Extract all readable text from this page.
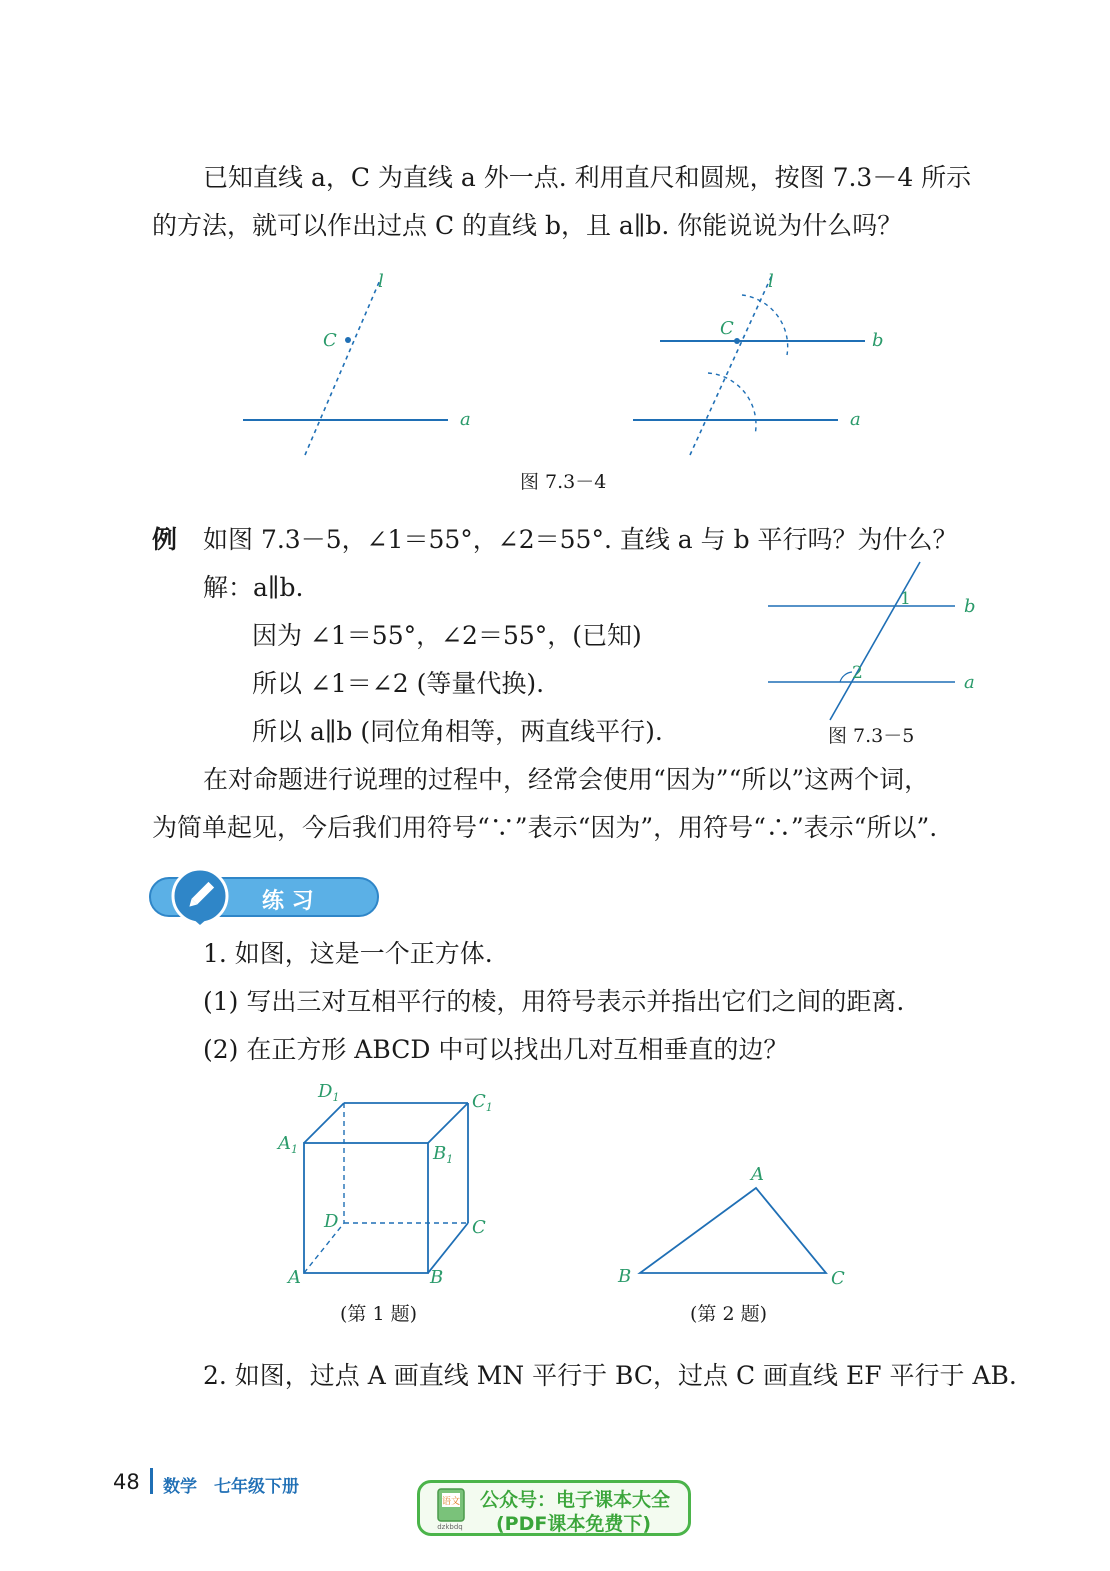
已知直线 a，C 为直线 a 外一点. 利用直尺和圆规，按图 7.3－4 所示
的方法，就可以作出过点 C 的直线 b，且 a∥b. 你能说说为什么吗？
l
C
a
l
C
b
a
图 7.3－4
例 如图 7.3－5，∠1＝55°，∠2＝55°. 直线 a 与 b 平行吗？为什么？
解：a∥b.
因为 ∠1＝55°，∠2＝55°，(已知)
所以 ∠1＝∠2 (等量代换).
所以 a∥b (同位角相等，两直线平行).
1
2
b
a
图 7.3－5
在对命题进行说理的过程中，经常会使用“因为”“所以”这两个词，
为简单起见，今后我们用符号“∵”表示“因为”，用符号“∴”表示“所以”.
练 习
1. 如图，这是一个正方体.
(1) 写出三对互相平行的棱，用符号表示并指出它们之间的距离.
(2) 在正方形 ABCD 中可以找出几对互相垂直的边？
$D_1$	$C_1$
$A_1$	$B_1$
D	C
A	B
(第 1 题)
A
B	C
(第 2 题)
2. 如图，过点 A 画直线 MN 平行于 BC，过点 C 画直线 EF 平行于 AB.
48 数学　七年级下册
语文
dzkbdq
公众号：电子课本大全
(PDF课本免费下)
